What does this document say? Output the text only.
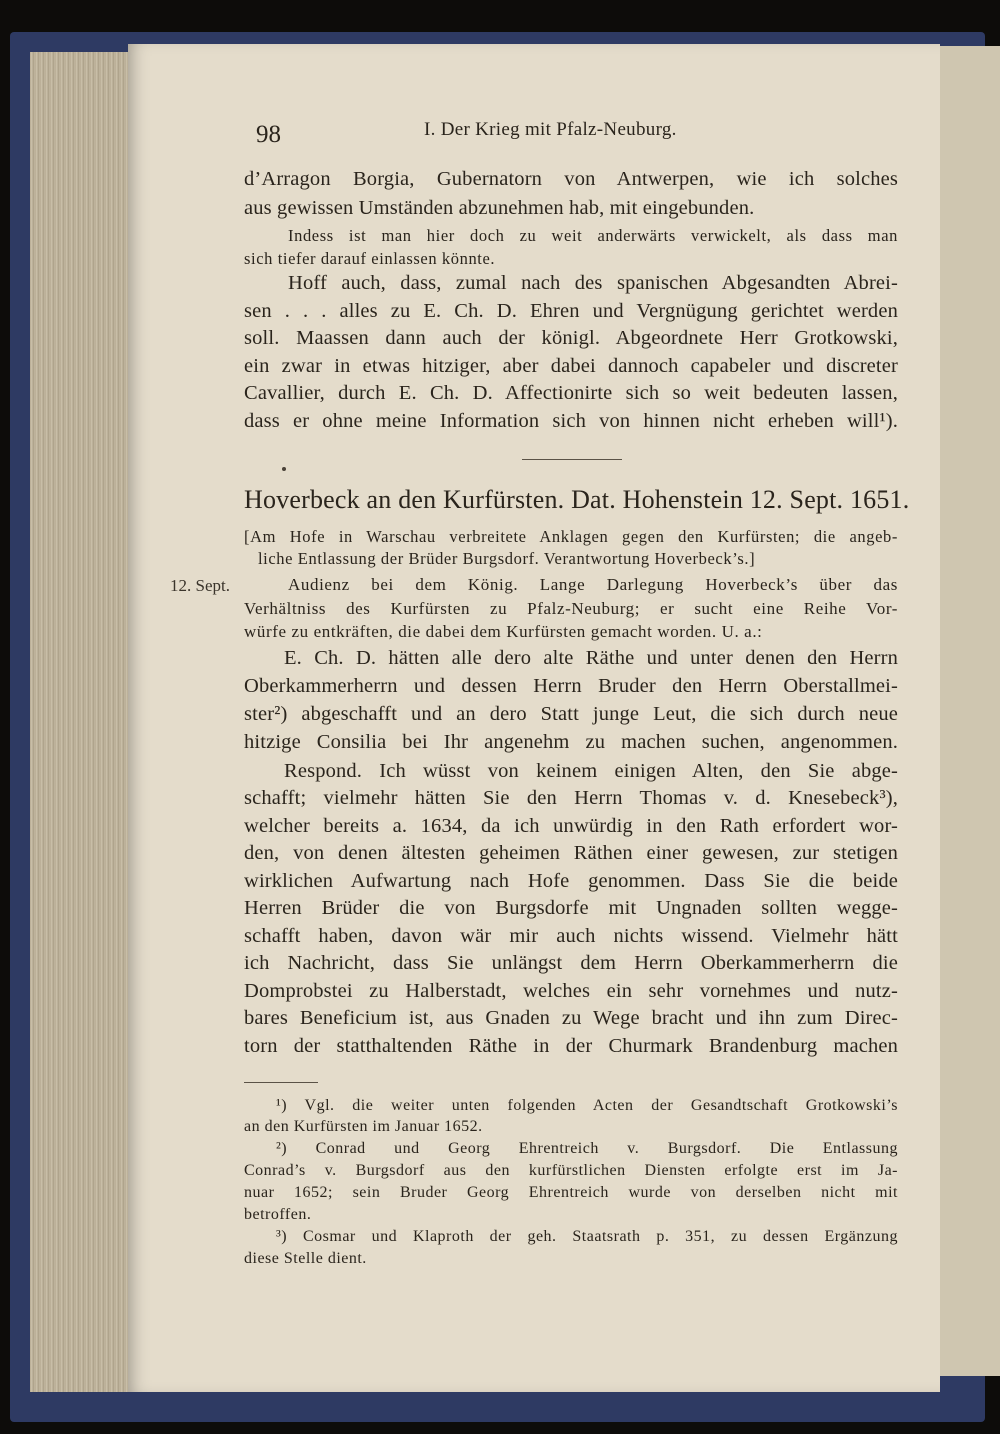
98	I. Der Krieg mit Pfalz-Neuburg.
d’Arragon Borgia, Gubernatorn von Antwerpen, wie ich solches
aus gewissen Umständen abzunehmen hab, mit eingebunden.
Indess ist man hier doch zu weit anderwärts verwickelt, als dass man
sich tiefer darauf einlassen könnte.
Hoff auch, dass, zumal nach des spanischen Abgesandten Abrei-
sen . . . alles zu E. Ch. D. Ehren und Vergnügung gerichtet werden
soll. Maassen dann auch der königl. Abgeordnete Herr Grotkowski,
ein zwar in etwas hitziger, aber dabei dannoch capabeler und discreter
Cavallier, durch E. Ch. D. Affectionirte sich so weit bedeuten lassen,
dass er ohne meine Information sich von hinnen nicht erheben will¹).
Hoverbeck an den Kurfürsten. Dat. Hohenstein 12. Sept. 1651.
[Am Hofe in Warschau verbreitete Anklagen gegen den Kurfürsten; die angeb-
liche Entlassung der Brüder Burgsdorf. Verantwortung Hoverbeck’s.]
12. Sept.	Audienz bei dem König. Lange Darlegung Hoverbeck’s über das
Verhältniss des Kurfürsten zu Pfalz-Neuburg; er sucht eine Reihe Vor-
würfe zu entkräften, die dabei dem Kurfürsten gemacht worden. U. a.:
E. Ch. D. hätten alle dero alte Räthe und unter denen den Herrn
Oberkammerherrn und dessen Herrn Bruder den Herrn Oberstallmei-
ster²) abgeschafft und an dero Statt junge Leut, die sich durch neue
hitzige Consilia bei Ihr angenehm zu machen suchen, angenommen.
Respond. Ich wüsst von keinem einigen Alten, den Sie abge-
schafft; vielmehr hätten Sie den Herrn Thomas v. d. Knesebeck³),
welcher bereits a. 1634, da ich unwürdig in den Rath erfordert wor-
den, von denen ältesten geheimen Räthen einer gewesen, zur stetigen
wirklichen Aufwartung nach Hofe genommen. Dass Sie die beide
Herren Brüder die von Burgsdorfe mit Ungnaden sollten wegge-
schafft haben, davon wär mir auch nichts wissend. Vielmehr hätt
ich Nachricht, dass Sie unlängst dem Herrn Oberkammerherrn die
Domprobstei zu Halberstadt, welches ein sehr vornehmes und nutz-
bares Beneficium ist, aus Gnaden zu Wege bracht und ihn zum Direc-
torn der statthaltenden Räthe in der Churmark Brandenburg machen
¹) Vgl. die weiter unten folgenden Acten der Gesandtschaft Grotkowski’s
an den Kurfürsten im Januar 1652.
²) Conrad und Georg Ehrentreich v. Burgsdorf. Die Entlassung
Conrad’s v. Burgsdorf aus den kurfürstlichen Diensten erfolgte erst im Ja-
nuar 1652; sein Bruder Georg Ehrentreich wurde von derselben nicht mit
betroffen.
³) Cosmar und Klaproth der geh. Staatsrath p. 351, zu dessen Ergänzung
diese Stelle dient.
